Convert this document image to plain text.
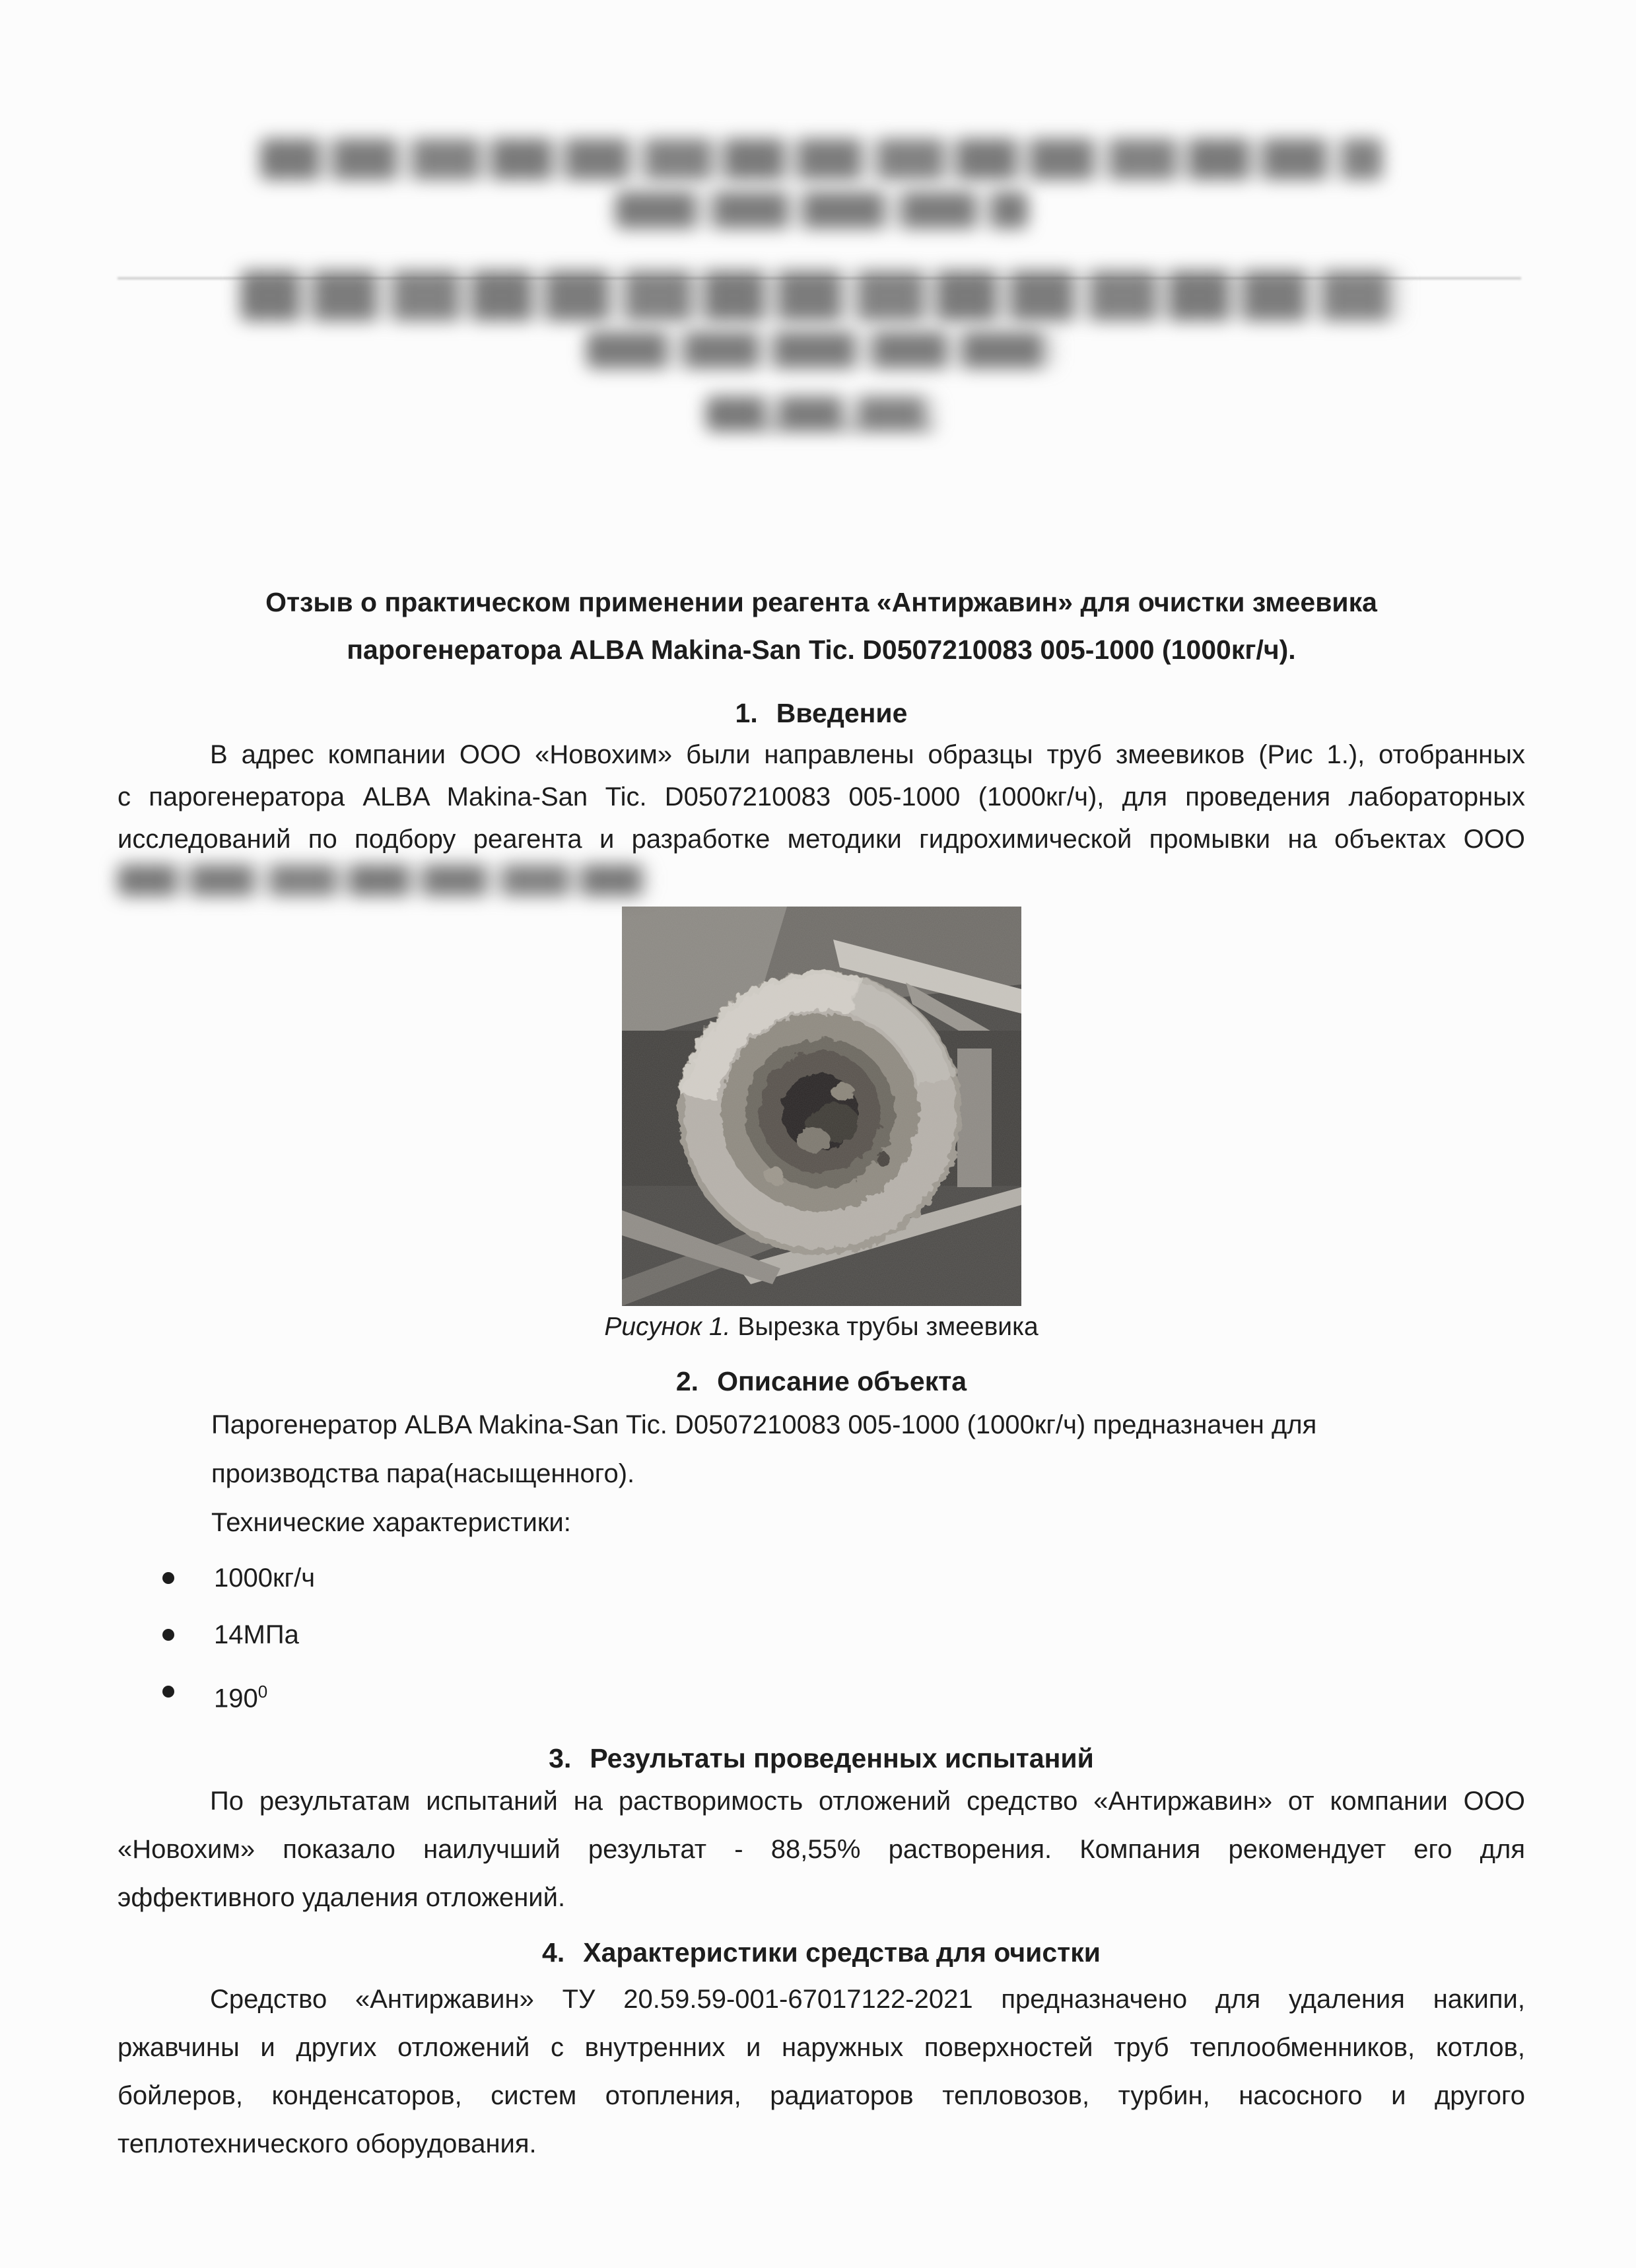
Отзыв о практическом применении реагента «Антиржавин» для очистки змеевика
парогенератора ALBA Makina-San Tic. D0507210083 005-1000 (1000кг/ч).
1. Введение
В адрес компании ООО «Новохим» были направлены образцы труб змеевиков (Рис 1.), отобранных
с парогенератора ALBA Makina-San Tic. D0507210083 005-1000 (1000кг/ч), для проведения лабораторных
исследований по подбору реагента и разработке методики гидрохимической промывки на объектах ООО
Рисунок 1. Вырезка трубы змеевика
2. Описание объекта
Парогенератор ALBA Makina-San Tic. D0507210083 005-1000 (1000кг/ч) предназначен для
производства пара(насыщенного).
Технические характеристики:
1000кг/ч
14МПа
$190^0$
3. Результаты проведенных испытаний
По результатам испытаний на растворимость отложений средство «Антиржавин» от компании ООО
«Новохим» показало наилучший результат - 88,55% растворения. Компания рекомендует его для
эффективного удаления отложений.
4. Характеристики средства для очистки
Средство «Антиржавин» ТУ 20.59.59-001-67017122-2021 предназначено для удаления накипи,
ржавчины и других отложений с внутренних и наружных поверхностей труб теплообменников, котлов,
бойлеров, конденсаторов, систем отопления, радиаторов тепловозов, турбин, насосного и другого
теплотехнического оборудования.
